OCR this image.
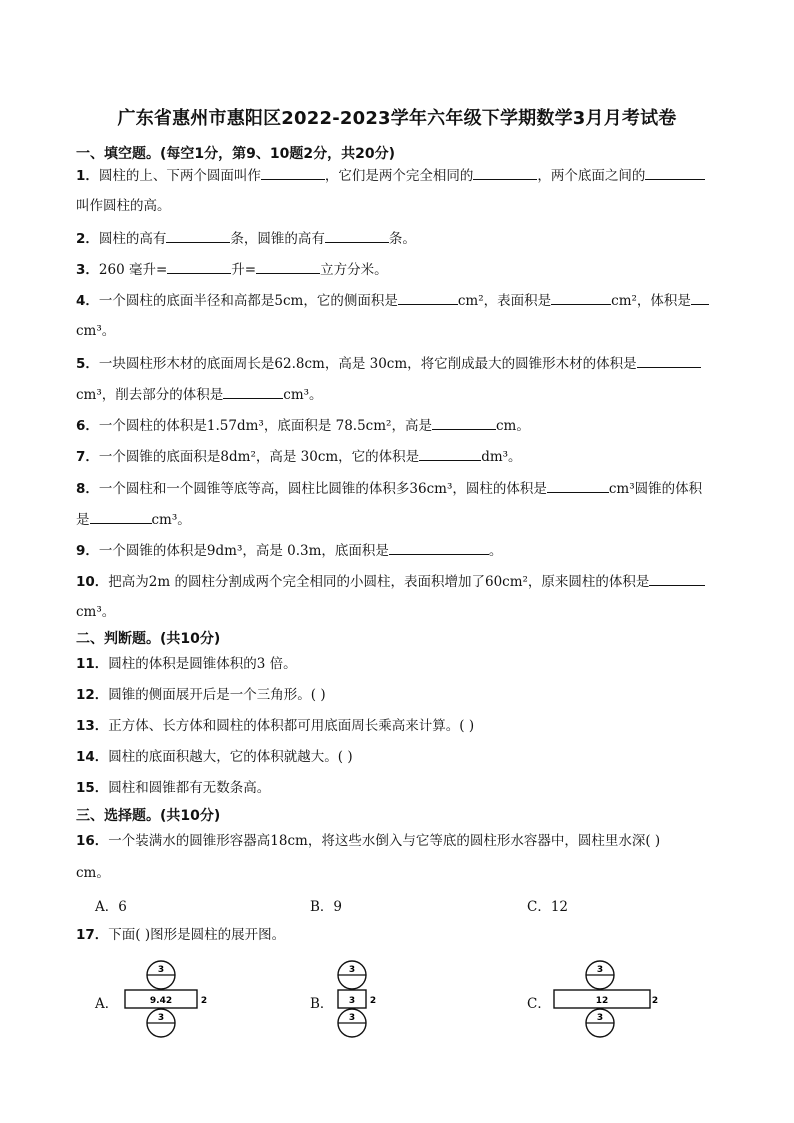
广东省惠州市惠阳区2022-2023学年六年级下学期数学3月月考试卷
一、填空题。(每空1分，第9、10题2分，共20分)
1．圆柱的上、下两个圆面叫作	，它们是两个完全相同的	，两个底面之间的
叫作圆柱的高。
2．圆柱的高有	条，圆锥的高有	条。
3．260 毫升=	升=	立方分米。
4．一个圆柱的底面半径和高都是5cm，它的侧面积是	cm²，表面积是	cm²，体积是
cm³。
5．一块圆柱形木材的底面周长是62.8cm，高是 30cm，将它削成最大的圆锥形木材的体积是
cm³，削去部分的体积是	cm³。
6．一个圆柱的体积是1.57dm³，底面积是 78.5cm²，高是	cm。
7．一个圆锥的底面积是8dm²，高是 30cm，它的体积是	dm³。
8．一个圆柱和一个圆锥等底等高，圆柱比圆锥的体积多36cm³，圆柱的体积是	cm³圆锥的体积
是	cm³。
9．一个圆锥的体积是9dm³，高是 0.3m，底面积是	。
10．把高为2m 的圆柱分割成两个完全相同的小圆柱，表面积增加了60cm²，原来圆柱的体积是
cm³。
二、判断题。(共10分)
11．圆柱的体积是圆锥体积的3 倍。
12．圆锥的侧面展开后是一个三角形。( )
13．正方体、长方体和圆柱的体积都可用底面周长乘高来计算。( )
14．圆柱的底面积越大，它的体积就越大。( )
15．圆柱和圆锥都有无数条高。
三、选择题。(共10分)
16．一个装满水的圆锥形容器高18cm，将这些水倒入与它等底的圆柱形水容器中，圆柱里水深( )
cm。
A．6	B．9	C．12
17．下面( )图形是圆柱的展开图。
A．
3
9.42	2
3
B．
3
3 2
3
C．
3
12	2
3
